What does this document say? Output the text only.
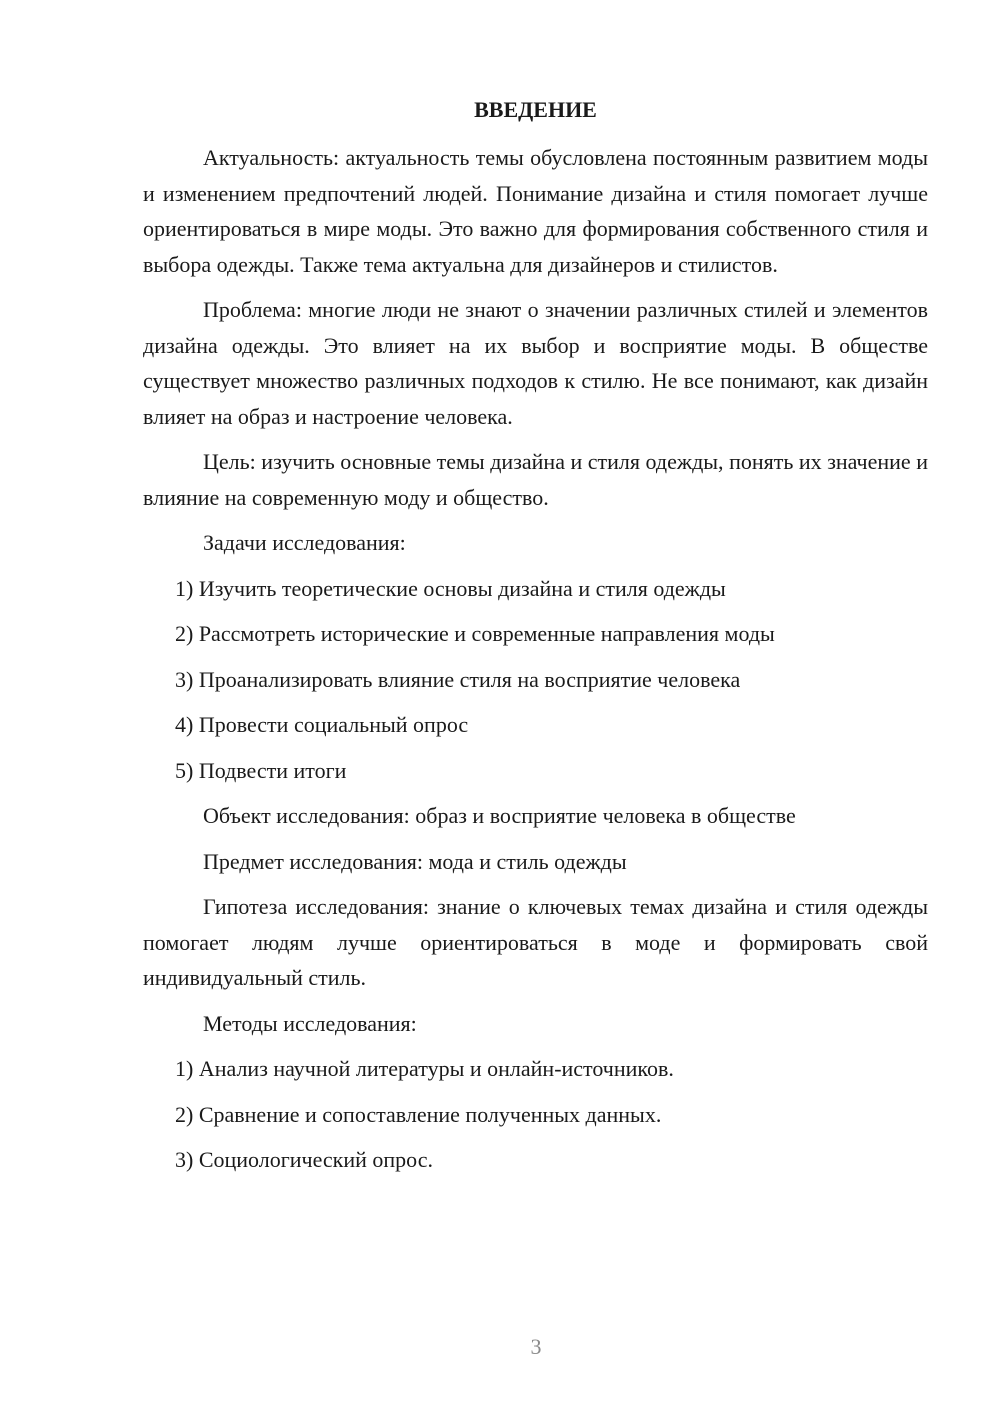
ВВЕДЕНИЕ

Актуальность: актуальность темы обусловлена постоянным развитием моды и изменением предпочтений людей. Понимание дизайна и стиля помогает лучше ориентироваться в мире моды. Это важно для формирования собственного стиля и выбора одежды. Также тема актуальна для дизайнеров и стилистов.

Проблема: многие люди не знают о значении различных стилей и элементов дизайна одежды. Это влияет на их выбор и восприятие моды. В обществе существует множество различных подходов к стилю. Не все понимают, как дизайн влияет на образ и настроение человека.

Цель: изучить основные темы дизайна и стиля одежды, понять их значение и влияние на современную моду и общество.

Задачи исследования:
1) Изучить теоретические основы дизайна и стиля одежды
2) Рассмотреть исторические и современные направления моды
3) Проанализировать влияние стиля на восприятие человека
4) Провести социальный опрос
5) Подвести итоги
Объект исследования: образ и восприятие человека в обществе
Предмет исследования: мода и стиль одежды

Гипотеза исследования: знание о ключевых темах дизайна и стиля одежды помогает людям лучше ориентироваться в моде и формировать свой индивидуальный стиль.

Методы исследования:
1) Анализ научной литературы и онлайн-источников.
2) Сравнение и сопоставление полученных данных.
3) Социологический опрос.
3
